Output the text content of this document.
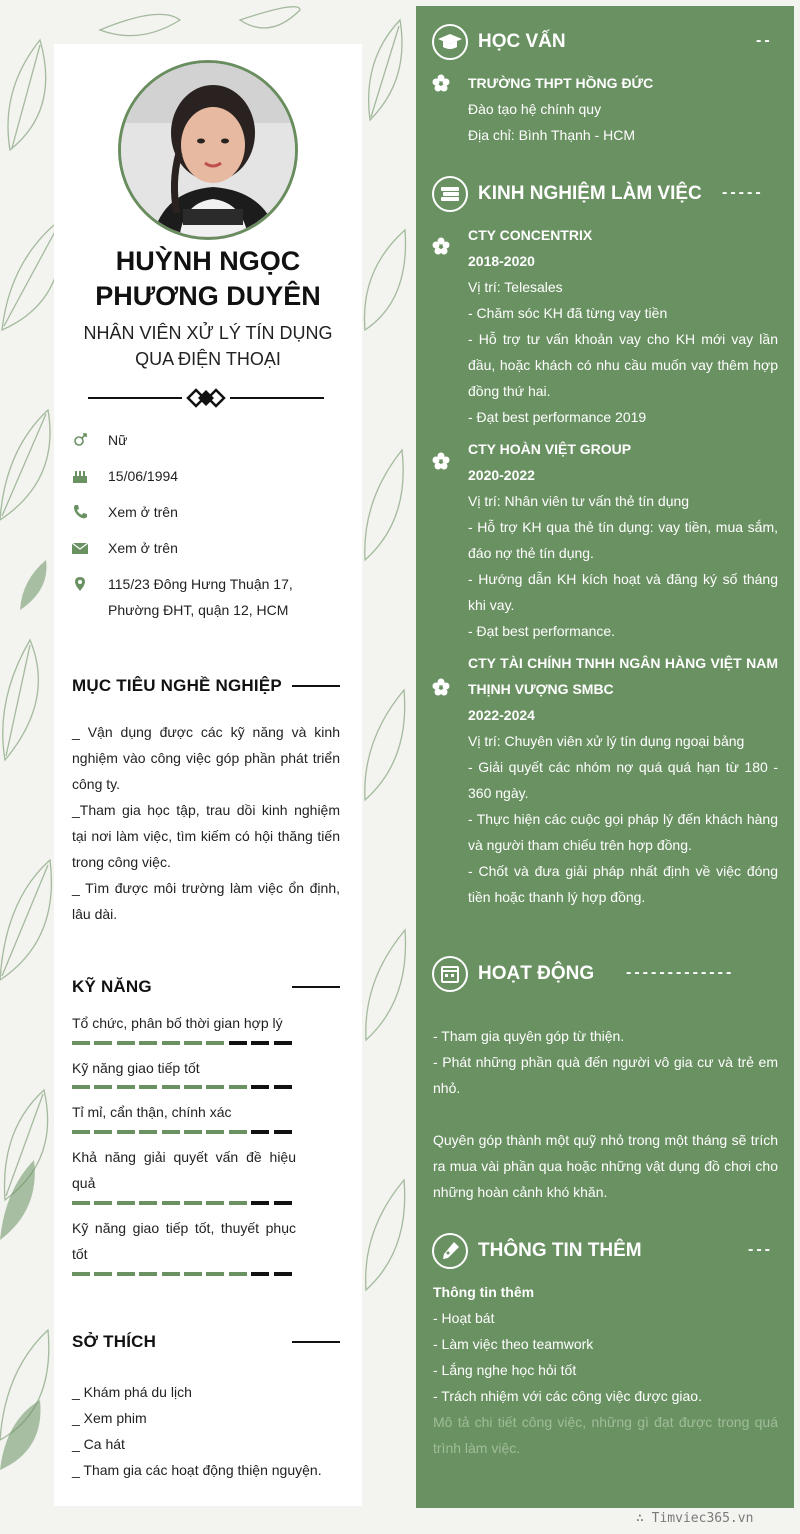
HUỲNH NGỌC
PHƯƠNG DUYÊN
NHÂN VIÊN XỬ LÝ TÍN DỤNG
QUA ĐIỆN THOẠI
Nữ
15/06/1994
Xem ở trên
Xem ở trên
115/23 Đông Hưng Thuận 17,
Phường ĐHT, quận 12, HCM
MỤC TIÊU NGHỀ NGHIỆP
_ Vận dụng được các kỹ năng và kinh nghiệm vào công việc góp phần phát triển công ty.
_Tham gia học tập, trau dồi kinh nghiệm tại nơi làm việc, tìm kiếm có hội thăng tiến trong công việc.
_ Tìm được môi trường làm việc ổn định, lâu dài.
KỸ NĂNG
Tổ chức, phân bố thời gian hợp lý
Kỹ năng giao tiếp tốt
Tỉ mỉ, cẩn thận, chính xác
Khả năng giải quyết vấn đề hiệu quả
Kỹ năng giao tiếp tốt, thuyết phục tốt
SỞ THÍCH
_ Khám phá du lịch
_ Xem phim
_ Ca hát
_ Tham gia các hoạt động thiện nguyện.
HỌC VẤN	--
TRƯỜNG THPT HỒNG ĐỨC
Đào tạo hệ chính quy
Địa chỉ: Bình Thạnh - HCM
KINH NGHIỆM LÀM VIỆC -----
CTY CONCENTRIX
2018-2020
Vị trí: Telesales
- Chăm sóc KH đã từng vay tiền
- Hỗ trợ tư vấn khoản vay cho KH mới vay lần đầu, hoặc khách có nhu cầu muốn vay thêm hợp đồng thứ hai.
- Đạt best performance 2019
CTY HOÀN VIỆT GROUP
2020-2022
Vị trí: Nhân viên tư vấn thẻ tín dụng
- Hỗ trợ KH qua thẻ tín dụng: vay tiền, mua sắm, đáo nợ thẻ tín dụng.
- Hướng dẫn KH kích hoạt và đăng ký số tháng khi vay.
- Đạt best performance.
CTY TÀI CHÍNH TNHH NGÂN HÀNG VIỆT NAM THỊNH VƯỢNG SMBC
2022-2024
Vị trí: Chuyên viên xử lý tín dụng ngoại bảng
- Giải quyết các nhóm nợ quá quá hạn từ 180 - 360 ngày.
- Thực hiện các cuộc gọi pháp lý đến khách hàng và người tham chiếu trên hợp đồng.
- Chốt và đưa giải pháp nhất định về việc đóng tiền hoặc thanh lý hợp đồng.
HOẠT ĐỘNG -------------
- Tham gia quyên góp từ thiện.
- Phát những phần quà đến người vô gia cư và trẻ em nhỏ.
Quyên góp thành một quỹ nhỏ trong một tháng sẽ trích ra mua vài phần qua hoặc những vật dụng đồ chơi cho những hoàn cảnh khó khăn.
THÔNG TIN THÊM	---
Thông tin thêm
- Hoạt bát
- Làm việc theo teamwork
- Lắng nghe học hỏi tốt
- Trách nhiệm với các công việc được giao.
Mô tả chi tiết công việc, những gì đạt được trong quá trình làm việc.
∴ Timviec365.vn
